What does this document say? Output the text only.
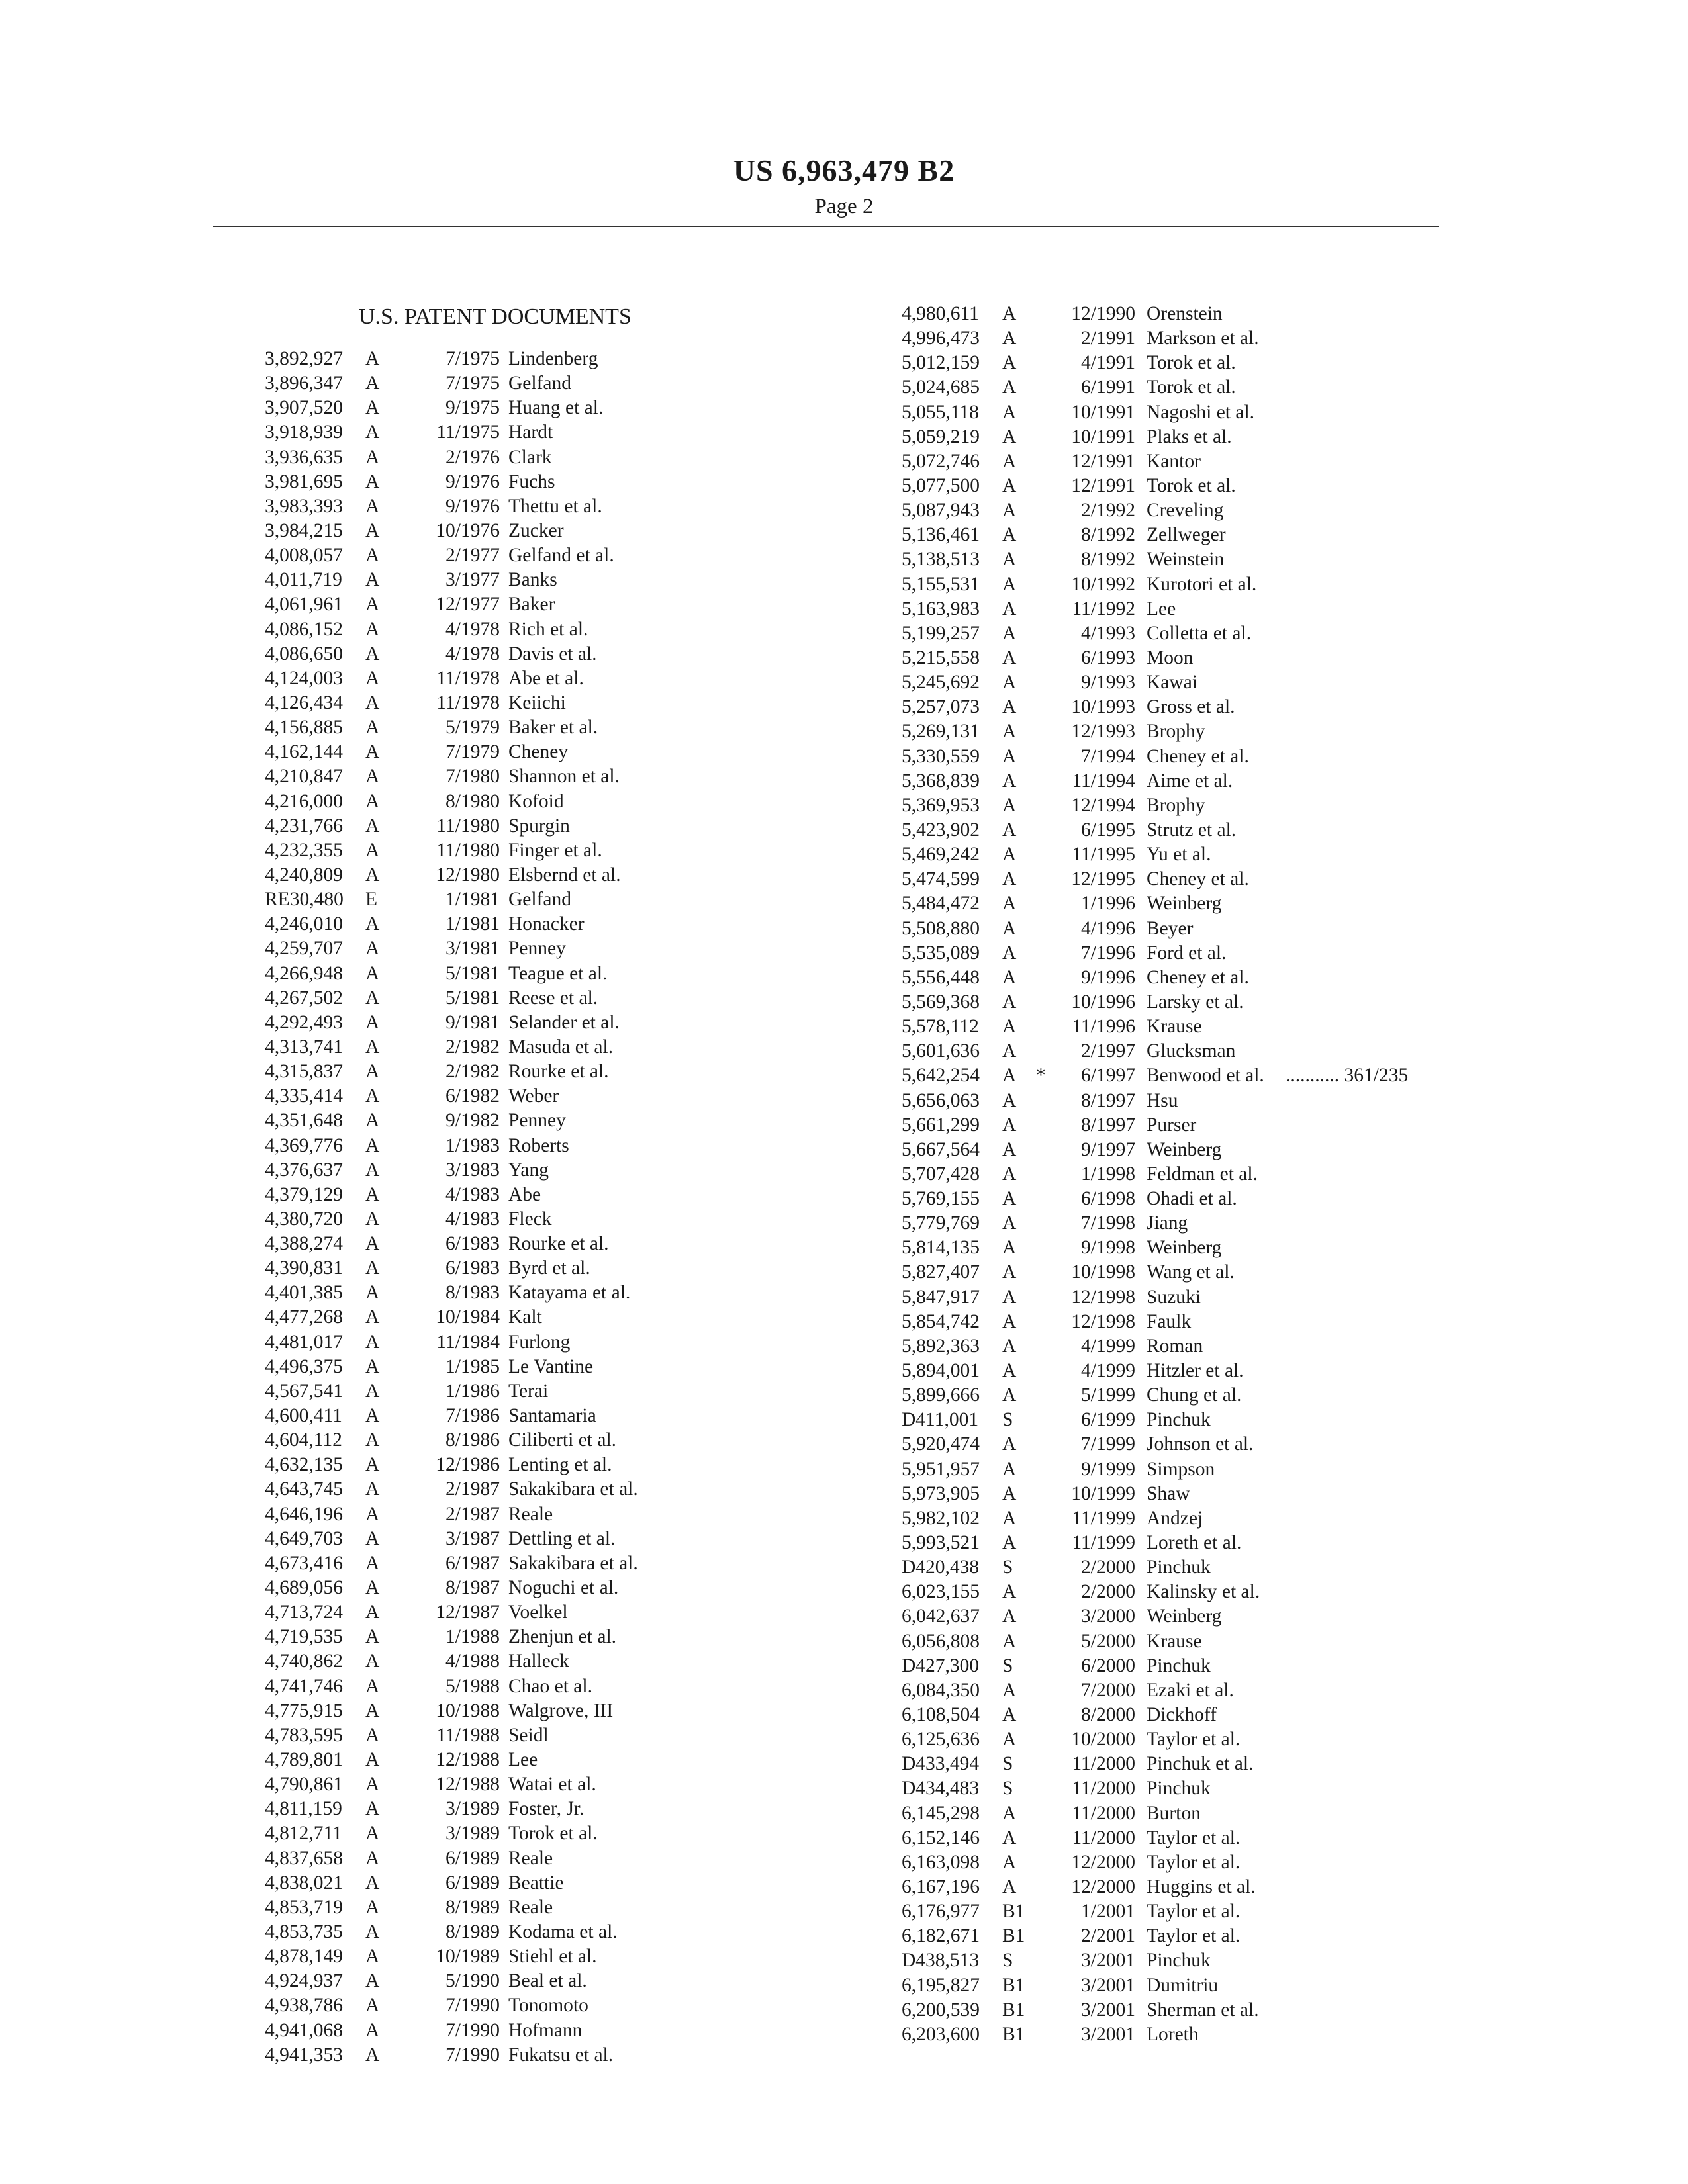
US 6,963,479 B2
Page 2
U.S. PATENT DOCUMENTS
3,892,927 A	7/1975 Lindenberg
3,896,347 A	7/1975 Gelfand
3,907,520 A	9/1975 Huang et al.
3,918,939 A	11/1975 Hardt
3,936,635 A	2/1976 Clark
3,981,695 A	9/1976 Fuchs
3,983,393 A	9/1976 Thettu et al.
3,984,215 A	10/1976 Zucker
4,008,057 A	2/1977 Gelfand et al.
4,011,719 A	3/1977 Banks
4,061,961 A	12/1977 Baker
4,086,152 A	4/1978 Rich et al.
4,086,650 A	4/1978 Davis et al.
4,124,003 A	11/1978 Abe et al.
4,126,434 A	11/1978 Keiichi
4,156,885 A	5/1979 Baker et al.
4,162,144 A	7/1979 Cheney
4,210,847 A	7/1980 Shannon et al.
4,216,000 A	8/1980 Kofoid
4,231,766 A	11/1980 Spurgin
4,232,355 A	11/1980 Finger et al.
4,240,809 A	12/1980 Elsbernd et al.
RE30,480 E	1/1981 Gelfand
4,246,010 A	1/1981 Honacker
4,259,707 A	3/1981 Penney
4,266,948 A	5/1981 Teague et al.
4,267,502 A	5/1981 Reese et al.
4,292,493 A	9/1981 Selander et al.
4,313,741 A	2/1982 Masuda et al.
4,315,837 A	2/1982 Rourke et al.
4,335,414 A	6/1982 Weber
4,351,648 A	9/1982 Penney
4,369,776 A	1/1983 Roberts
4,376,637 A	3/1983 Yang
4,379,129 A	4/1983 Abe
4,380,720 A	4/1983 Fleck
4,388,274 A	6/1983 Rourke et al.
4,390,831 A	6/1983 Byrd et al.
4,401,385 A	8/1983 Katayama et al.
4,477,268 A	10/1984 Kalt
4,481,017 A	11/1984 Furlong
4,496,375 A	1/1985 Le Vantine
4,567,541 A	1/1986 Terai
4,600,411 A	7/1986 Santamaria
4,604,112 A	8/1986 Ciliberti et al.
4,632,135 A	12/1986 Lenting et al.
4,643,745 A	2/1987 Sakakibara et al.
4,646,196 A	2/1987 Reale
4,649,703 A	3/1987 Dettling et al.
4,673,416 A	6/1987 Sakakibara et al.
4,689,056 A	8/1987 Noguchi et al.
4,713,724 A	12/1987 Voelkel
4,719,535 A	1/1988 Zhenjun et al.
4,740,862 A	4/1988 Halleck
4,741,746 A	5/1988 Chao et al.
4,775,915 A	10/1988 Walgrove, III
4,783,595 A	11/1988 Seidl
4,789,801 A	12/1988 Lee
4,790,861 A	12/1988 Watai et al.
4,811,159 A	3/1989 Foster, Jr.
4,812,711 A	3/1989 Torok et al.
4,837,658 A	6/1989 Reale
4,838,021 A	6/1989 Beattie
4,853,719 A	8/1989 Reale
4,853,735 A	8/1989 Kodama et al.
4,878,149 A	10/1989 Stiehl et al.
4,924,937 A	5/1990 Beal et al.
4,938,786 A	7/1990 Tonomoto
4,941,068 A	7/1990 Hofmann
4,941,353 A	7/1990 Fukatsu et al.
4,980,611 A	12/1990 Orenstein
4,996,473 A	2/1991 Markson et al.
5,012,159 A	4/1991 Torok et al.
5,024,685 A	6/1991 Torok et al.
5,055,118 A	10/1991 Nagoshi et al.
5,059,219 A	10/1991 Plaks et al.
5,072,746 A	12/1991 Kantor
5,077,500 A	12/1991 Torok et al.
5,087,943 A	2/1992 Creveling
5,136,461 A	8/1992 Zellweger
5,138,513 A	8/1992 Weinstein
5,155,531 A	10/1992 Kurotori et al.
5,163,983 A	11/1992 Lee
5,199,257 A	4/1993 Colletta et al.
5,215,558 A	6/1993 Moon
5,245,692 A	9/1993 Kawai
5,257,073 A	10/1993 Gross et al.
5,269,131 A	12/1993 Brophy
5,330,559 A	7/1994 Cheney et al.
5,368,839 A	11/1994 Aime et al.
5,369,953 A	12/1994 Brophy
5,423,902 A	6/1995 Strutz et al.
5,469,242 A	11/1995 Yu et al.
5,474,599 A	12/1995 Cheney et al.
5,484,472 A	1/1996 Weinberg
5,508,880 A	4/1996 Beyer
5,535,089 A	7/1996 Ford et al.
5,556,448 A	9/1996 Cheney et al.
5,569,368 A	10/1996 Larsky et al.
5,578,112 A	11/1996 Krause
5,601,636 A	2/1997 Glucksman
5,642,254 A *	6/1997 Benwood et al. ........... 361/235
5,656,063 A	8/1997 Hsu
5,661,299 A	8/1997 Purser
5,667,564 A	9/1997 Weinberg
5,707,428 A	1/1998 Feldman et al.
5,769,155 A	6/1998 Ohadi et al.
5,779,769 A	7/1998 Jiang
5,814,135 A	9/1998 Weinberg
5,827,407 A	10/1998 Wang et al.
5,847,917 A	12/1998 Suzuki
5,854,742 A	12/1998 Faulk
5,892,363 A	4/1999 Roman
5,894,001 A	4/1999 Hitzler et al.
5,899,666 A	5/1999 Chung et al.
D411,001 S	6/1999 Pinchuk
5,920,474 A	7/1999 Johnson et al.
5,951,957 A	9/1999 Simpson
5,973,905 A	10/1999 Shaw
5,982,102 A	11/1999 Andzej
5,993,521 A	11/1999 Loreth et al.
D420,438 S	2/2000 Pinchuk
6,023,155 A	2/2000 Kalinsky et al.
6,042,637 A	3/2000 Weinberg
6,056,808 A	5/2000 Krause
D427,300 S	6/2000 Pinchuk
6,084,350 A	7/2000 Ezaki et al.
6,108,504 A	8/2000 Dickhoff
6,125,636 A	10/2000 Taylor et al.
D433,494 S	11/2000 Pinchuk et al.
D434,483 S	11/2000 Pinchuk
6,145,298 A	11/2000 Burton
6,152,146 A	11/2000 Taylor et al.
6,163,098 A	12/2000 Taylor et al.
6,167,196 A	12/2000 Huggins et al.
6,176,977 B1	1/2001 Taylor et al.
6,182,671 B1	2/2001 Taylor et al.
D438,513 S	3/2001 Pinchuk
6,195,827 B1	3/2001 Dumitriu
6,200,539 B1	3/2001 Sherman et al.
6,203,600 B1	3/2001 Loreth
